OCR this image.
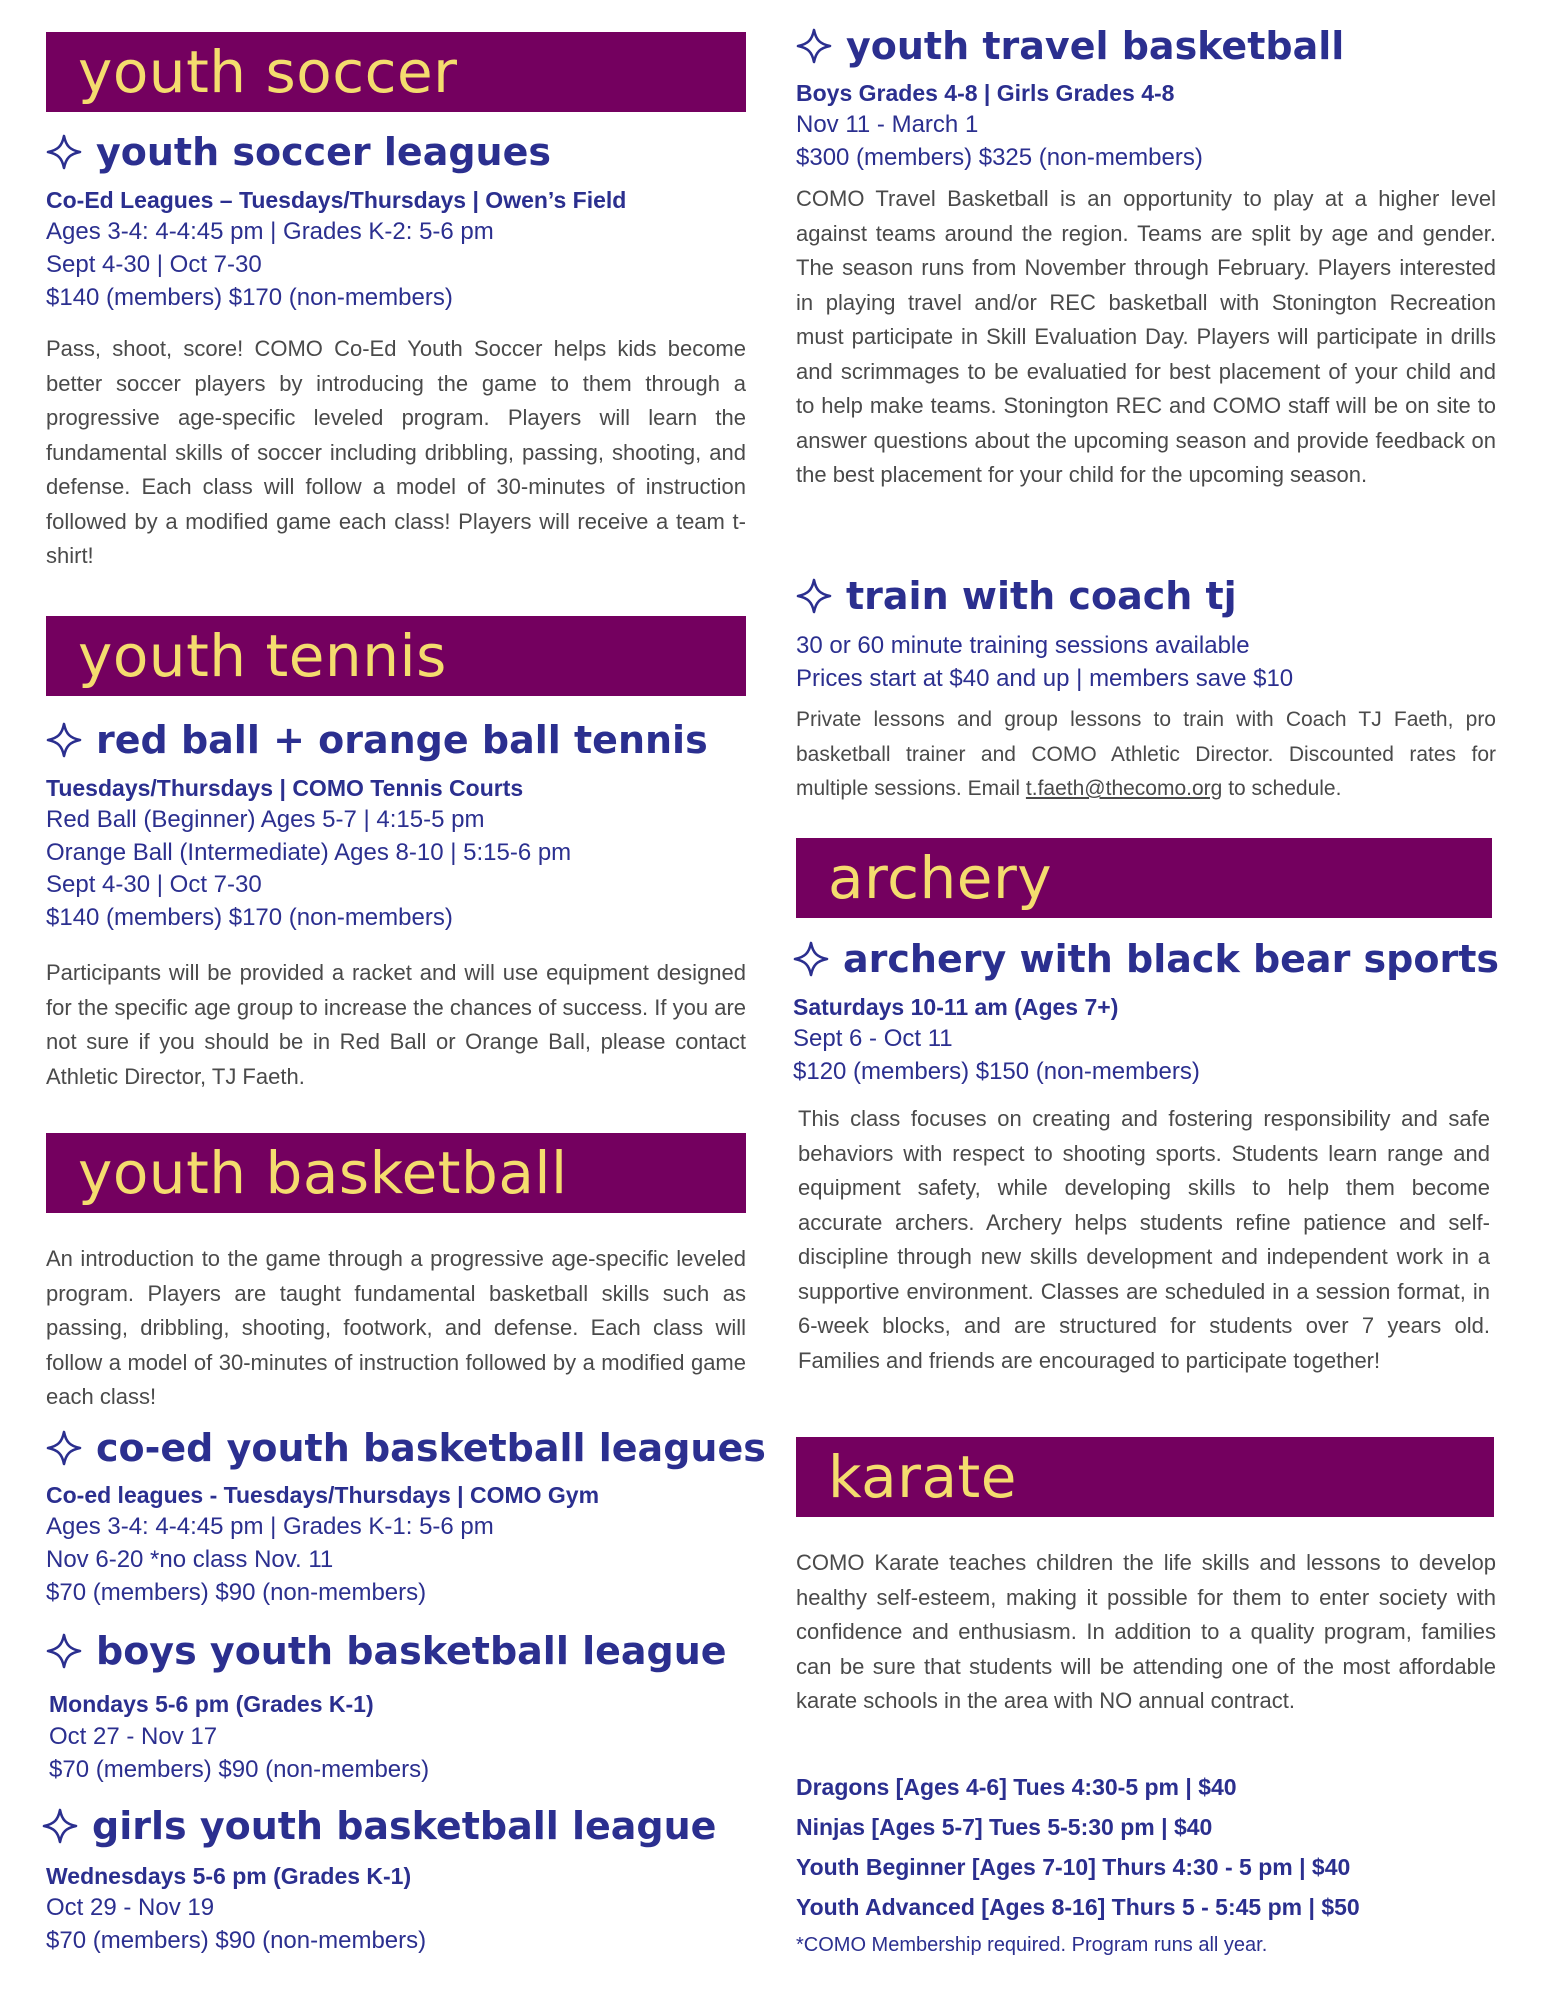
youth soccer
youth soccer leagues
Co-Ed Leagues – Tuesdays/Thursdays | Owen’s Field
Ages 3-4: 4-4:45 pm | Grades K-2: 5-6 pm
Sept 4-30 | Oct 7-30
$140 (members) $170 (non-members)
Pass, shoot, score! COMO Co-Ed Youth Soccer helps kids become better soccer players by introducing the game to them through a progressive age-specific leveled program. Players will learn the fundamental skills of soccer including dribbling, passing, shooting, and defense. Each class will follow a model of 30-minutes of instruction followed by a modified game each class! Players will receive a team t-shirt!
youth tennis
red ball + orange ball tennis
Tuesdays/Thursdays | COMO Tennis Courts
Red Ball (Beginner) Ages 5-7 | 4:15-5 pm
Orange Ball (Intermediate) Ages 8-10 | 5:15-6 pm
Sept 4-30 | Oct 7-30
$140 (members) $170 (non-members)
Participants will be provided a racket and will use equipment designed for the specific age group to increase the chances of success. If you are not sure if you should be in Red Ball or Orange Ball, please contact Athletic Director, TJ Faeth.
youth basketball
An introduction to the game through a progressive age-specific leveled program. Players are taught fundamental basketball skills such as passing, dribbling, shooting, footwork, and defense. Each class will follow a model of 30-minutes of instruction followed by a modified game each class!
co-ed youth basketball leagues
Co-ed leagues - Tuesdays/Thursdays | COMO Gym
Ages 3-4: 4-4:45 pm | Grades K-1: 5-6 pm
Nov 6-20 *no class Nov. 11
$70 (members) $90 (non-members)
boys youth basketball league
Mondays 5-6 pm (Grades K-1)
Oct 27 - Nov 17
$70 (members) $90 (non-members)
girls youth basketball league
Wednesdays 5-6 pm (Grades K-1)
Oct 29 - Nov 19
$70 (members) $90 (non-members)
youth travel basketball
Boys Grades 4-8 | Girls Grades 4-8
Nov 11 - March 1
$300 (members) $325 (non-members)
COMO Travel Basketball is an opportunity to play at a higher level against teams around the region. Teams are split by age and gender. The season runs from November through February. Players interested in playing travel and/or REC basketball with Stonington Recreation must participate in Skill Evaluation Day. Players will participate in drills and scrimmages to be evaluatied for best placement of your child and to help make teams. Stonington REC and COMO staff will be on site to answer questions about the upcoming season and provide feedback on the best placement for your child for the upcoming season.
train with coach tj
30 or 60 minute training sessions available
Prices start at $40 and up | members save $10
Private lessons and group lessons to train with Coach TJ Faeth, pro basketball trainer and COMO Athletic Director. Discounted rates for multiple sessions. Email t.faeth@thecomo.org to schedule.
archery
archery with black bear sports
Saturdays 10-11 am (Ages 7+)
Sept 6 - Oct 11
$120 (members) $150 (non-members)
This class focuses on creating and fostering responsibility and safe behaviors with respect to shooting sports. Students learn range and equipment safety, while developing skills to help them become accurate archers. Archery helps students refine patience and self-discipline through new skills development and independent work in a supportive environment. Classes are scheduled in a session format, in 6-week blocks, and are structured for students over 7 years old. Families and friends are encouraged to participate together!
karate
COMO Karate teaches children the life skills and lessons to develop healthy self-esteem, making it possible for them to enter society with confidence and enthusiasm. In addition to a quality program, families can be sure that students will be attending one of the most affordable karate schools in the area with NO annual contract.
Dragons [Ages 4-6] Tues 4:30-5 pm | $40
Ninjas [Ages 5-7] Tues 5-5:30 pm | $40
Youth Beginner [Ages 7-10] Thurs 4:30 - 5 pm | $40
Youth Advanced [Ages 8-16] Thurs 5 - 5:45 pm | $50
*COMO Membership required. Program runs all year.
